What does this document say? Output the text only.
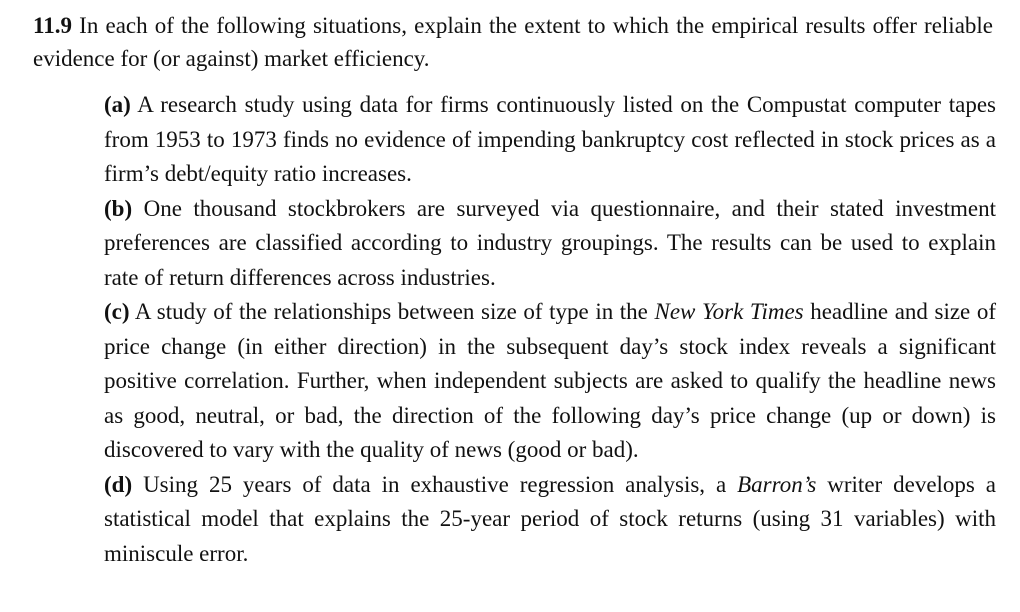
11.9 In each of the following situations, explain the extent to which the empirical results offer reliable evidence for (or against) market efficiency.

(a) A research study using data for firms continuously listed on the Compustat computer tapes from 1953 to 1973 finds no evidence of impending bankruptcy cost reflected in stock prices as a firm’s debt/equity ratio increases.

(b) One thousand stockbrokers are surveyed via questionnaire, and their stated investment preferences are classified according to industry groupings. The results can be used to explain rate of return differences across industries.

(c) A study of the relationships between size of type in the New York Times headline and size of price change (in either direction) in the subsequent day’s stock index reveals a significant positive correlation. Further, when independent subjects are asked to qualify the headline news as good, neutral, or bad, the direction of the following day’s price change (up or down) is discovered to vary with the quality of news (good or bad).

(d) Using 25 years of data in exhaustive regression analysis, a Barron’s writer develops a statistical model that explains the 25-year period of stock returns (using 31 variables) with miniscule error.
